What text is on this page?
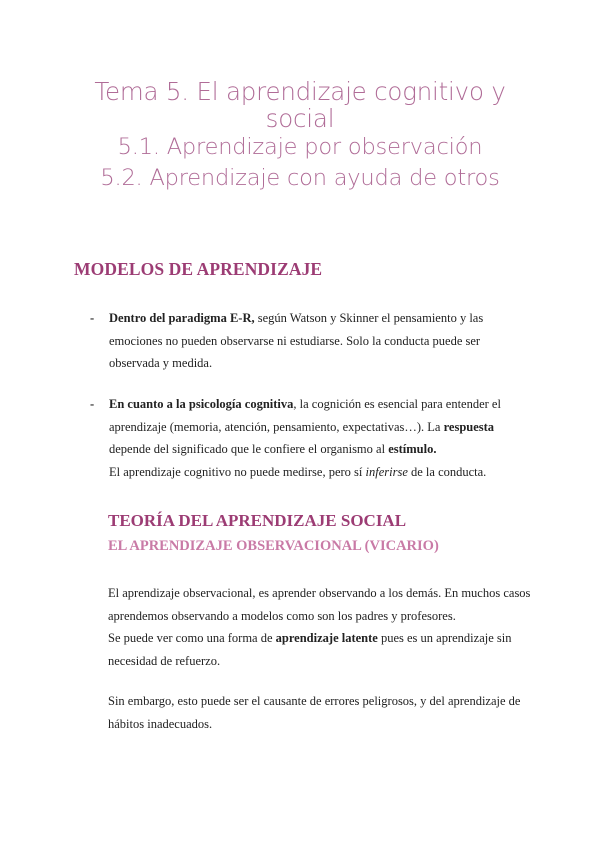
Tema 5. El aprendizaje cognitivo y

social

5.1. Aprendizaje por observación

5.2. Aprendizaje con ayuda de otros

MODELOS DE APRENDIZAJE
-	Dentro del paradigma E-R, según Watson y Skinner el pensamiento y las emociones no pueden observarse ni estudiarse. Solo la conducta puede ser observada y medida.
-	En cuanto a la psicología cognitiva, la cognición es esencial para entender el aprendizaje (memoria, atención, pensamiento, expectativas…). La respuesta depende del significado que le confiere el organismo al estímulo.
El aprendizaje cognitivo no puede medirse, pero sí inferirse de la conducta.
TEORÍA DEL APRENDIZAJE SOCIAL
EL APRENDIZAJE OBSERVACIONAL (VICARIO)

El aprendizaje observacional, es aprender observando a los demás. En muchos casos aprendemos observando a modelos como son los padres y profesores.
Se puede ver como una forma de aprendizaje latente pues es un aprendizaje sin necesidad de refuerzo.

Sin embargo, esto puede ser el causante de errores peligrosos, y del aprendizaje de hábitos inadecuados.
